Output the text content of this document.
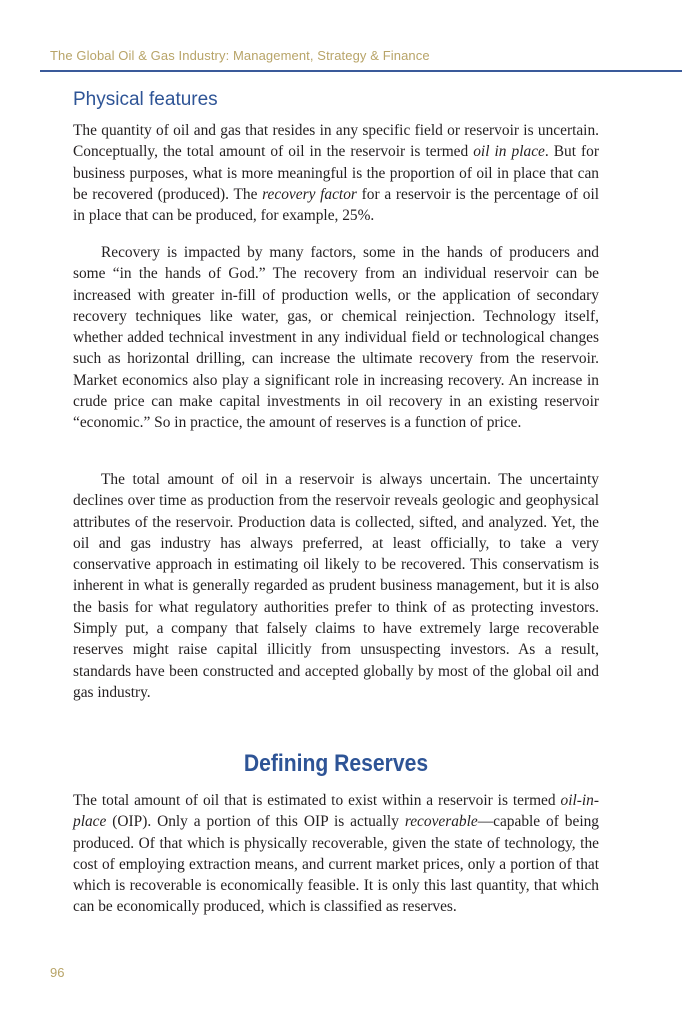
The Global Oil & Gas Industry: Management, Strategy & Finance
Physical features

The quantity of oil and gas that resides in any specific field or reservoir is uncertain. Conceptually, the total amount of oil in the reservoir is termed oil in place. But for business purposes, what is more meaningful is the proportion of oil in place that can be recovered (produced). The recovery factor for a reservoir is the percentage of oil in place that can be produced, for example, 25%.

Recovery is impacted by many factors, some in the hands of producers and some “in the hands of God.” The recovery from an individual reservoir can be increased with greater in-fill of production wells, or the application of secondary recovery techniques like water, gas, or chemical reinjection. Technology itself, whether added technical investment in any individual field or technological changes such as horizontal drilling, can increase the ultimate recovery from the reservoir. Market economics also play a significant role in increasing recovery. An increase in crude price can make capital investments in oil recovery in an existing reservoir “economic.” So in practice, the amount of reserves is a function of price.

The total amount of oil in a reservoir is always uncertain. The uncertainty declines over time as production from the reservoir reveals geologic and geophysical attributes of the reservoir. Production data is collected, sifted, and analyzed. Yet, the oil and gas industry has always preferred, at least officially, to take a very conservative approach in estimating oil likely to be recovered. This conservatism is inherent in what is generally regarded as prudent business management, but it is also the basis for what regulatory authorities prefer to think of as protecting investors. Simply put, a company that falsely claims to have extremely large recoverable reserves might raise capital illicitly from unsuspecting investors. As a result, standards have been constructed and accepted globally by most of the global oil and gas industry.

Defining Reserves

The total amount of oil that is estimated to exist within a reservoir is termed oil-in-place (OIP). Only a portion of this OIP is actually recoverable—capable of being produced. Of that which is physically recoverable, given the state of technology, the cost of employing extraction means, and current market prices, only a portion of that which is recoverable is economically feasible. It is only this last quantity, that which can be economically produced, which is classified as reserves.

96
